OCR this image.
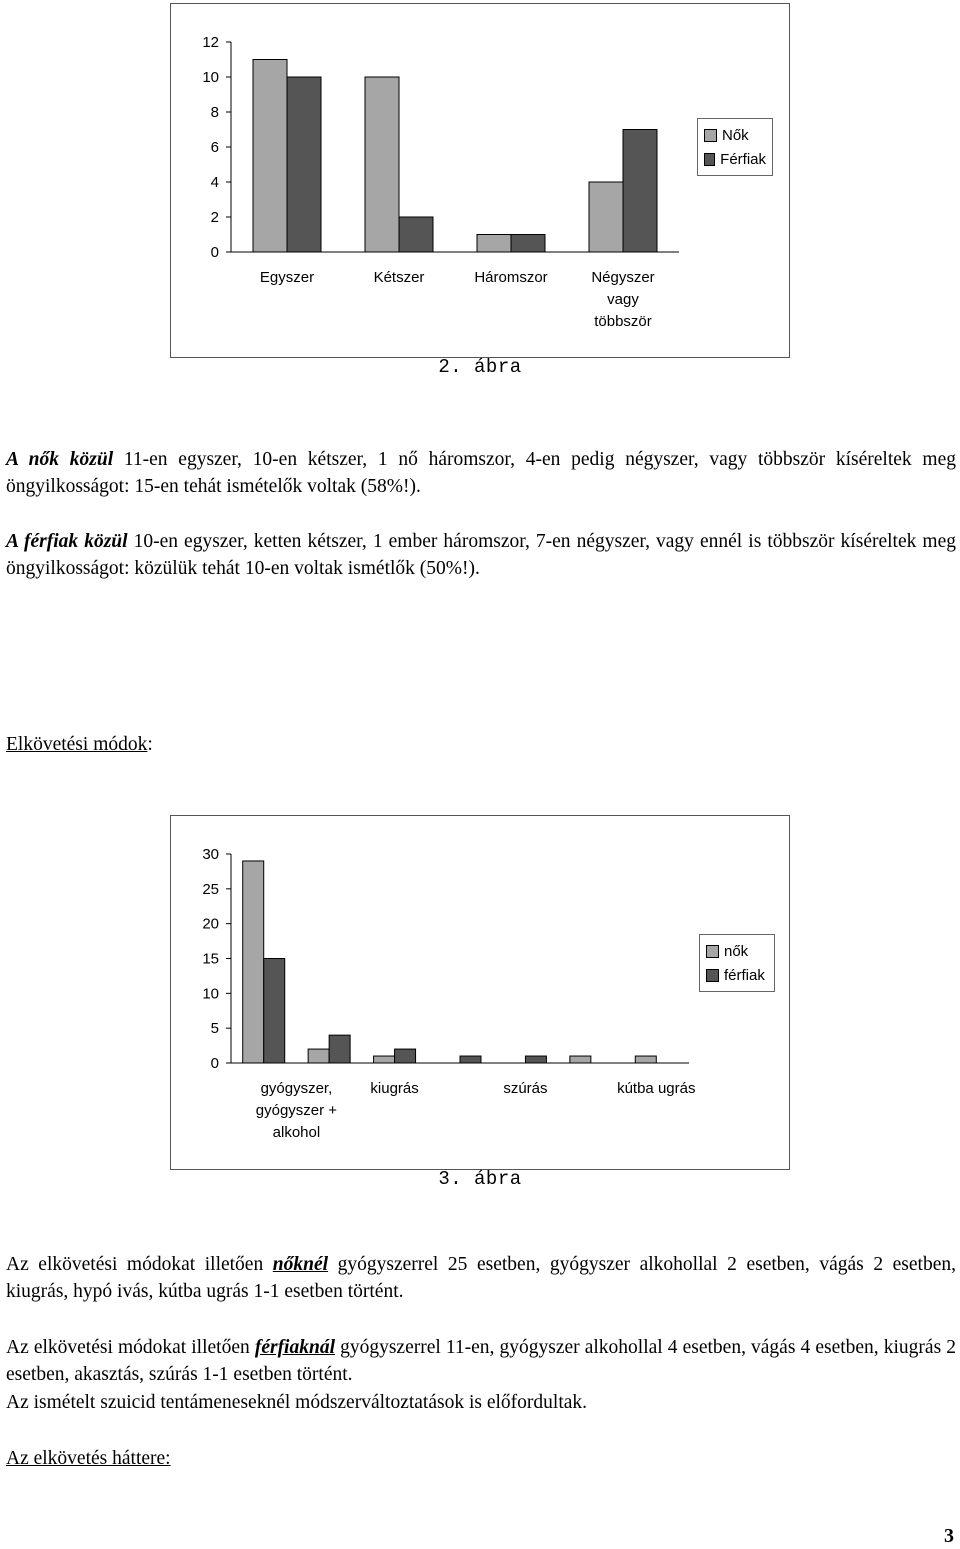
0
2
4
6
8
10
12
Egyszer	Kétszer	Háromszor	Négyszer vagy többször
Nők
Férfiak
2. ábra
A nők közül 11-en egyszer, 10-en kétszer, 1 nő háromszor, 4-en pedig négyszer, vagy többször kíséreltek meg öngyilkosságot: 15-en tehát ismételők voltak (58%!).
A férfiak közül 10-en egyszer, ketten kétszer, 1 ember háromszor, 7-en négyszer, vagy ennél is többször kíséreltek meg öngyilkosságot: közülük tehát 10-en voltak ismétlők (50%!).
Elkövetési módok:
0
5
10
15
20
25
30
gyógyszer, gyógyszer + alkohol
kiugrás	szúrás	kútba ugrás
nők
férfiak
3. ábra
Az elkövetési módokat illetően nőknél gyógyszerrel 25 esetben, gyógyszer alkohollal 2 esetben, vágás 2 esetben, kiugrás, hypó ivás, kútba ugrás 1-1 esetben történt.
Az elkövetési módokat illetően férfiaknál gyógyszerrel 11-en, gyógyszer alkohollal 4 esetben, vágás 4 esetben, kiugrás 2 esetben, akasztás, szúrás 1-1 esetben történt.
Az ismételt szuicid tentámeneseknél módszerváltoztatások is előfordultak.
Az elkövetés háttere:
3
